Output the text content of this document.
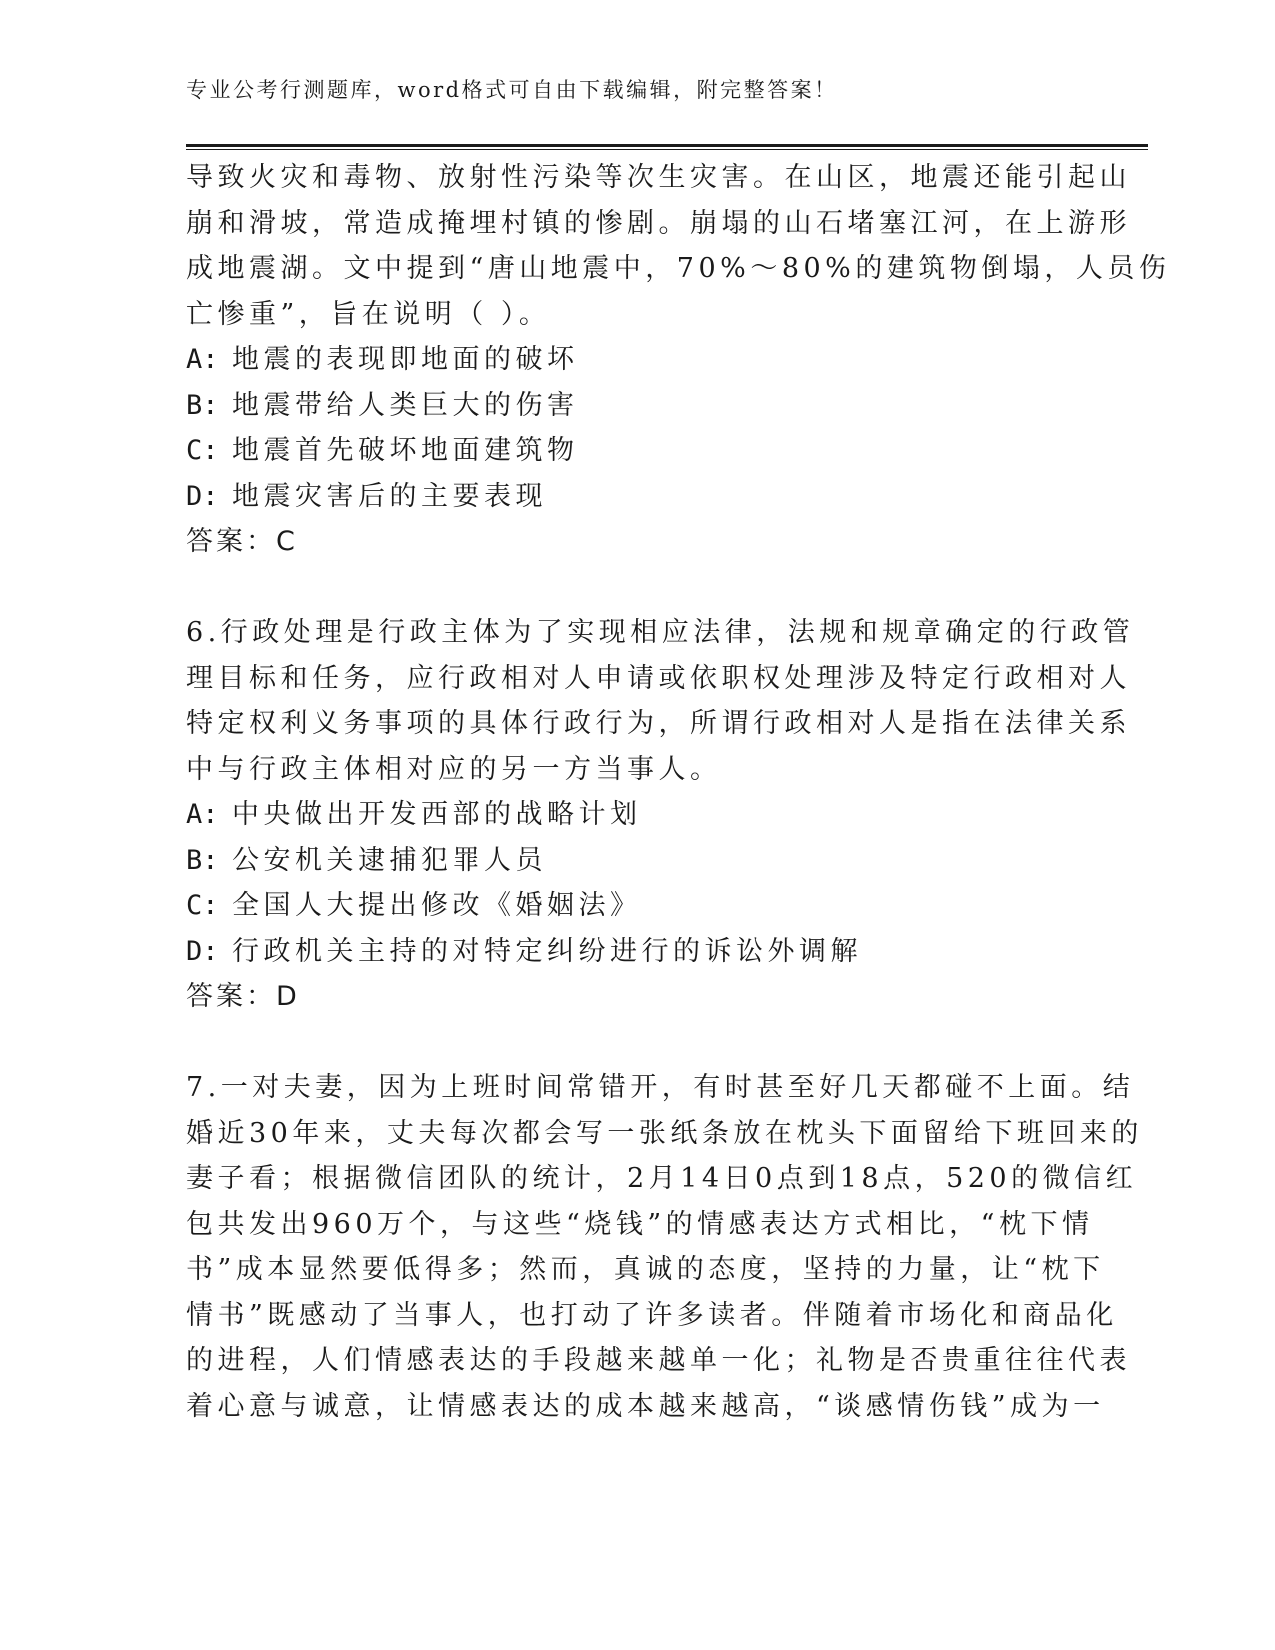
专业公考行测题库，word格式可自由下载编辑，附完整答案！
导致火灾和毒物、放射性污染等次生灾害。在山区，地震还能引起山
崩和滑坡，常造成掩埋村镇的惨剧。崩塌的山石堵塞江河，在上游形
成地震湖。文中提到“唐山地震中，70%～80%的建筑物倒塌，人员伤
亡惨重”，旨在说明（ ）。
A: 地震的表现即地面的破坏
B: 地震带给人类巨大的伤害
C: 地震首先破坏地面建筑物
D: 地震灾害后的主要表现
答案：C
6.行政处理是行政主体为了实现相应法律，法规和规章确定的行政管
理目标和任务，应行政相对人申请或依职权处理涉及特定行政相对人
特定权利义务事项的具体行政行为，所谓行政相对人是指在法律关系
中与行政主体相对应的另一方当事人。
A: 中央做出开发西部的战略计划
B: 公安机关逮捕犯罪人员
C: 全国人大提出修改《婚姻法》
D: 行政机关主持的对特定纠纷进行的诉讼外调解
答案：D
7.一对夫妻，因为上班时间常错开，有时甚至好几天都碰不上面。结
婚近30年来，丈夫每次都会写一张纸条放在枕头下面留给下班回来的
妻子看；根据微信团队的统计，2月14日0点到18点，520的微信红
包共发出960万个，与这些“烧钱”的情感表达方式相比，“枕下情
书”成本显然要低得多；然而，真诚的态度，坚持的力量，让“枕下
情书”既感动了当事人，也打动了许多读者。伴随着市场化和商品化
的进程，人们情感表达的手段越来越单一化；礼物是否贵重往往代表
着心意与诚意，让情感表达的成本越来越高，“谈感情伤钱”成为一
